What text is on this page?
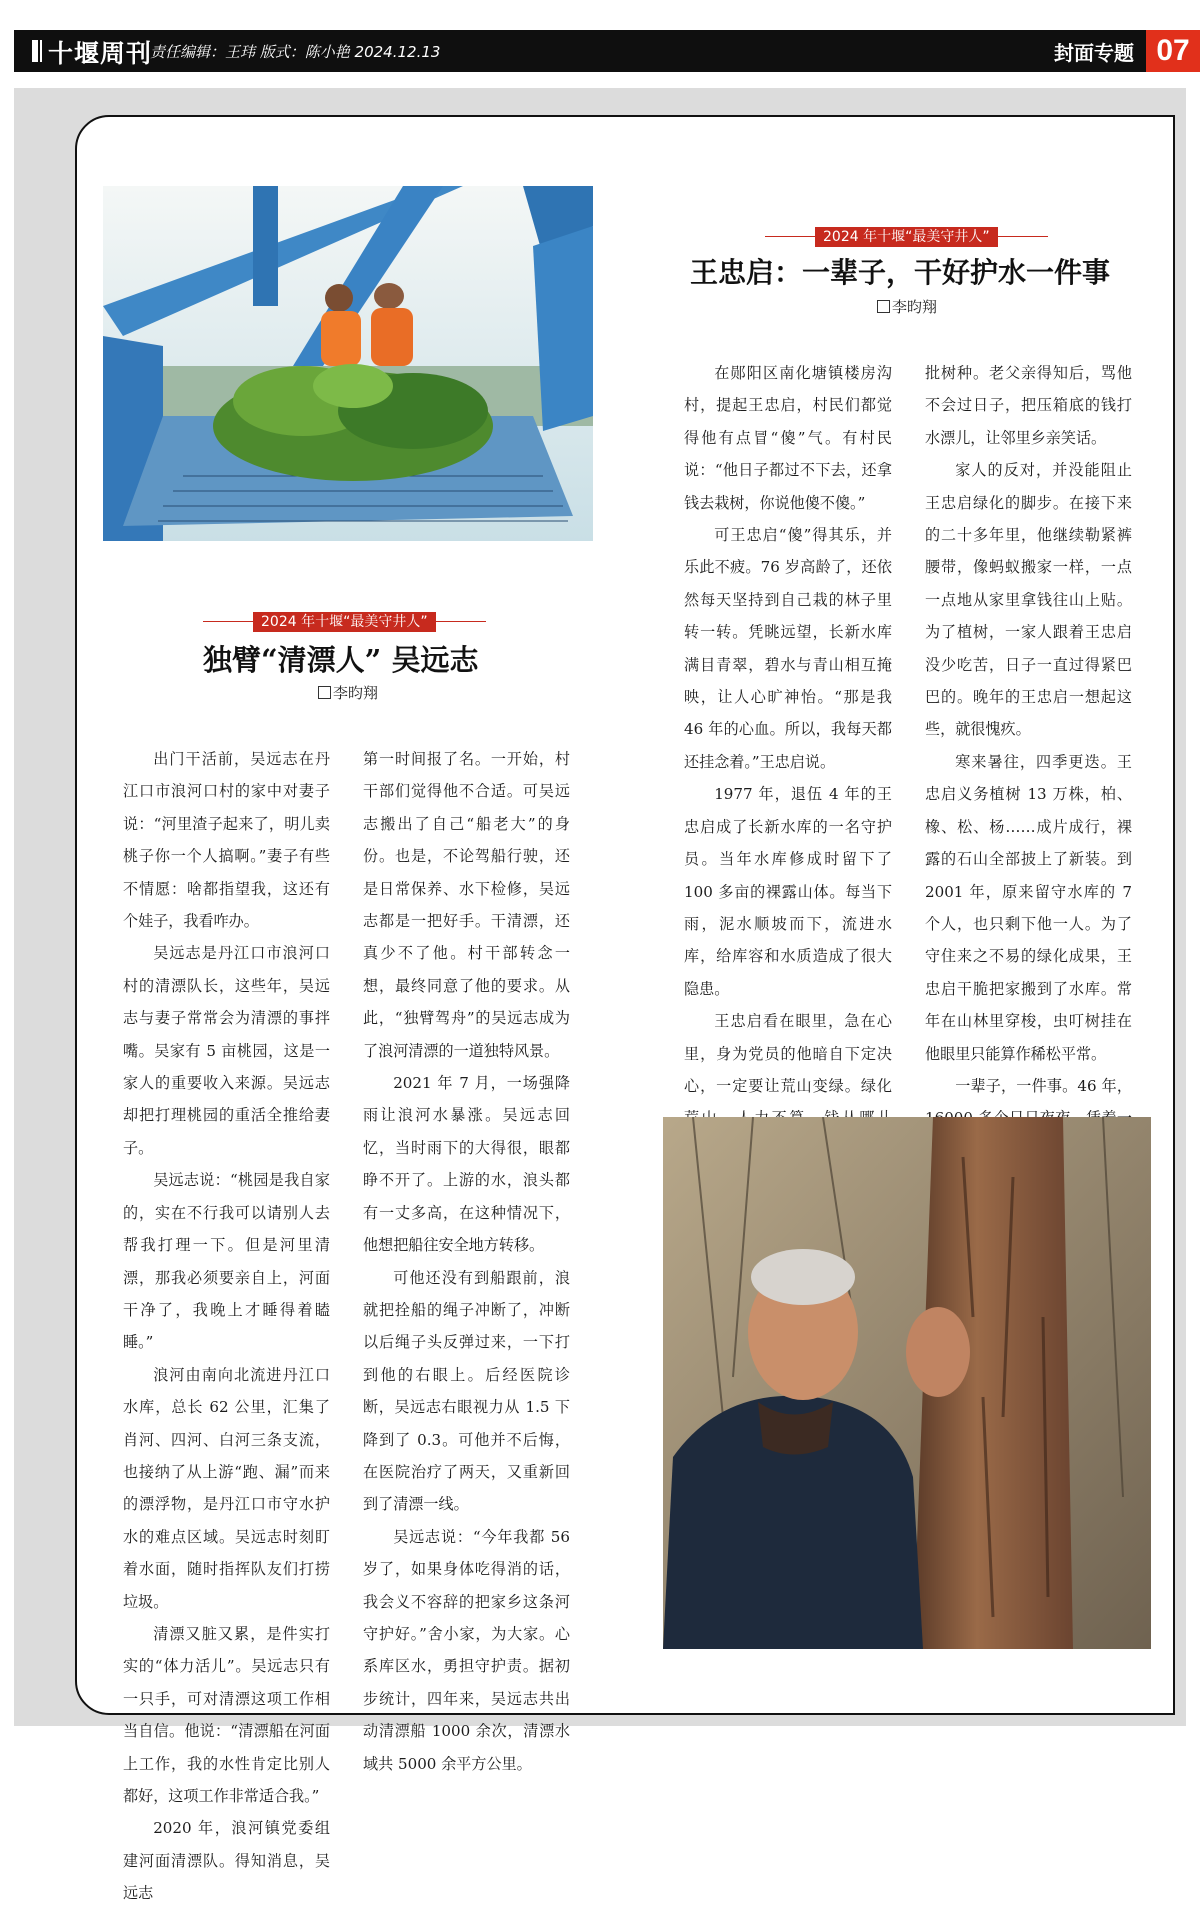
十堰周刊
责任编辑：王玮 版式：陈小艳 2024.12.13	封面专题 07
2024 年十堰“最美守井人”
独臂“清漂人” 吴远志
李昀翔

出门干活前，吴远志在丹江口市浪河口村的家中对妻子说：“河里渣子起来了，明儿卖桃子你一个人搞啊。”妻子有些不情愿：啥都指望我，这还有个娃子，我看咋办。

吴远志是丹江口市浪河口村的清漂队长，这些年，吴远志与妻子常常会为清漂的事拌嘴。吴家有 5 亩桃园，这是一家人的重要收入来源。吴远志却把打理桃园的重活全推给妻子。

吴远志说：“桃园是我自家的，实在不行我可以请别人去帮我打理一下。但是河里清漂，那我必须要亲自上，河面干净了，我晚上才睡得着瞌睡。”

浪河由南向北流进丹江口水库，总长 62 公里，汇集了肖河、四河、白河三条支流，也接纳了从上游“跑、漏”而来的漂浮物，是丹江口市守水护水的难点区域。吴远志时刻盯着水面，随时指挥队友们打捞垃圾。

清漂又脏又累，是件实打实的“体力活儿”。吴远志只有一只手，可对清漂这项工作相当自信。他说：“清漂船在河面上工作，我的水性肯定比别人都好，这项工作非常适合我。”

2020 年，浪河镇党委组建河面清漂队。得知消息，吴远志

第一时间报了名。一开始，村干部们觉得他不合适。可吴远志搬出了自己“船老大”的身份。也是，不论驾船行驶，还是日常保养、水下检修，吴远志都是一把好手。干清漂，还真少不了他。村干部转念一想，最终同意了他的要求。从此，“独臂驾舟”的吴远志成为了浪河清漂的一道独特风景。

2021 年 7 月，一场强降雨让浪河水暴涨。吴远志回忆，当时雨下的大得很，眼都睁不开了。上游的水，浪头都有一丈多高，在这种情况下，他想把船往安全地方转移。

可他还没有到船跟前，浪就把拴船的绳子冲断了，冲断以后绳子头反弹过来，一下打到他的右眼上。后经医院诊断，吴远志右眼视力从 1.5 下降到了 0.3。可他并不后悔，在医院治疗了两天，又重新回到了清漂一线。

吴远志说：“今年我都 56 岁了，如果身体吃得消的话，我会义不容辞的把家乡这条河守护好。”舍小家，为大家。心系库区水，勇担守护责。据初步统计，四年来，吴远志共出动清漂船 1000 余次，清漂水域共 5000 余平方公里。

2024 年十堰“最美守井人”
王忠启：一辈子，干好护水一件事
李昀翔

在郧阳区南化塘镇楼房沟村，提起王忠启，村民们都觉得他有点冒“傻”气。有村民说：“他日子都过不下去，还拿钱去栽树，你说他傻不傻。”

可王忠启“傻”得其乐，并乐此不疲。76 岁高龄了，还依然每天坚持到自己栽的林子里转一转。凭眺远望，长新水库满目青翠，碧水与青山相互掩映，让人心旷神怡。“那是我 46 年的心血。所以，我每天都还挂念着。”王忠启说。

1977 年，退伍 4 年的王忠启成了长新水库的一名守护员。当年水库修成时留下了 100 多亩的裸露山体。每当下雨，泥水顺坡而下，流进水库，给库容和水质造成了很大隐患。

王忠启看在眼里，急在心里，身为党员的他暗自下定决心，一定要让荒山变绿。绿化

批树种。老父亲得知后，骂他不会过日子，把压箱底的钱打水漂儿，让邻里乡亲笑话。

家人的反对，并没能阻止王忠启绿化的脚步。在接下来的二十多年里，他继续勒紧裤腰带，像蚂蚁搬家一样，一点一点地从家里拿钱往山上贴。为了植树，一家人跟着王忠启没少吃苦，日子一直过得紧巴巴的。晚年的王忠启一想起这些，就很愧疚。

寒来暑往，四季更迭。王忠启义务植树 13 万株，柏、橡、松、杨……成片成行，裸露的石山全部披上了新装。到 2001 年，原来留守水库的 7 个人，也只剩下他一人。为了守住来之不易的绿化成果，王忠启干脆把家搬到了水库。常年在山林里穿梭，虫叮树挂在他眼里只能算作稀松平常。

一辈子，一件事。46 年，
